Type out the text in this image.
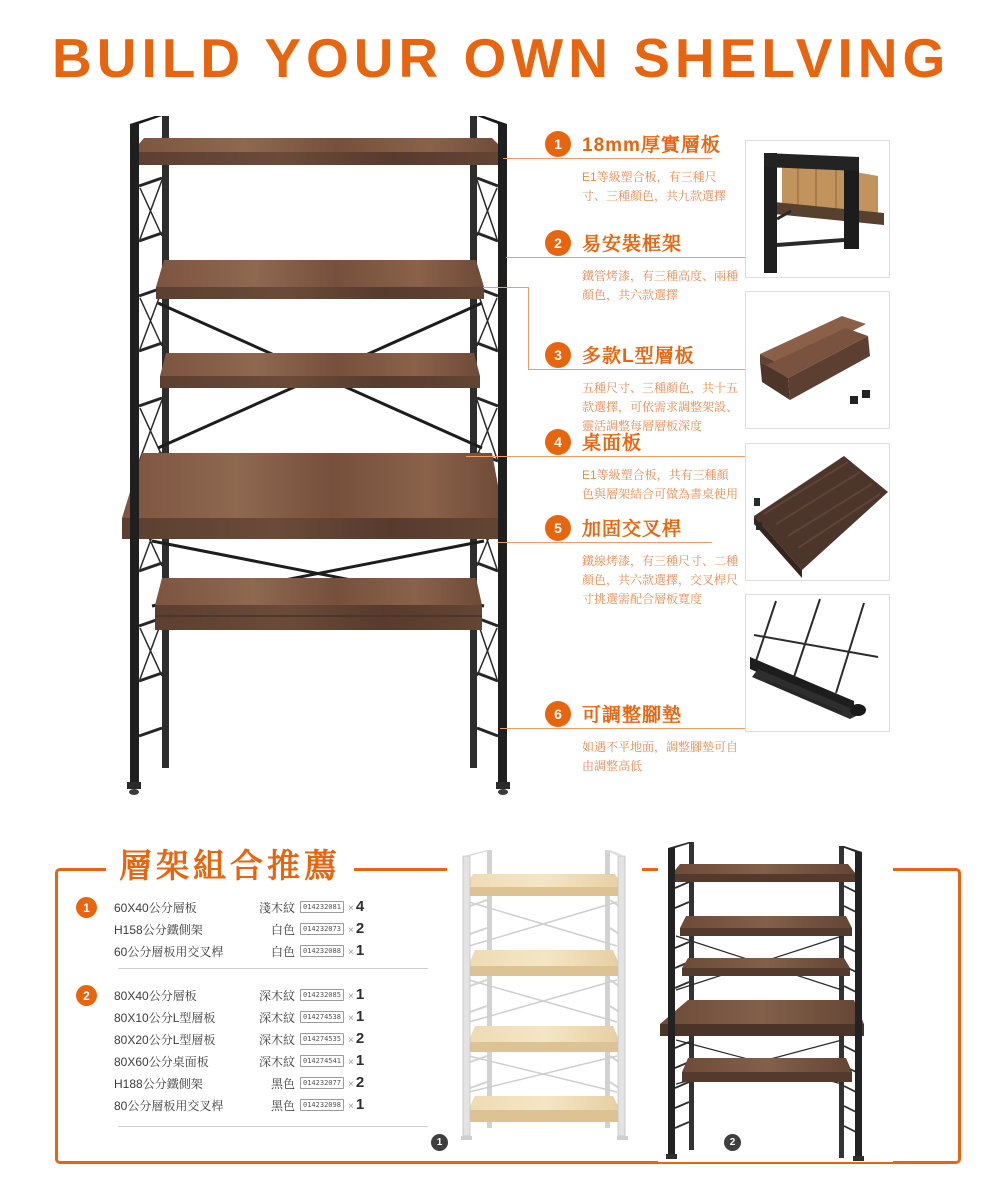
BUILD YOUR OWN SHELVING
1	18mm厚實層板
E1等級塑合板，有三種尺寸、三種顏色，共九款選擇
2	易安裝框架
鐵管烤漆，有三種高度、兩種顏色，共六款選擇
3	多款L型層板
五種尺寸、三種顏色，共十五款選擇，可依需求調整架設、靈活調整每層層板深度
4	桌面板
E1等級塑合板，共有三種顏色與層架結合可做為書桌使用
5	加固交叉桿
鐵線烤漆，有三種尺寸、二種顏色，共六款選擇，交叉桿尺寸挑選需配合層板寬度
6	可調整腳墊
如遇不平地面，調整腳墊可自由調整高低
層架組合推薦
1	60X40公分層板	淺木紋	014232081 × 4
H158公分鐵側架	白色	014232073 × 2
60公分層板用交叉桿	白色	014232088 × 1
2	80X40公分層板	深木紋	014232085 × 1
80X10公分L型層板	深木紋	014274538 × 1
80X20公分L型層板	深木紋	014274535 × 2
80X60公分桌面板	深木紋	014274541 × 1
H188公分鐵側架	黑色	014232077 × 2
80公分層板用交叉桿	黑色	014232098 × 1
1	2
